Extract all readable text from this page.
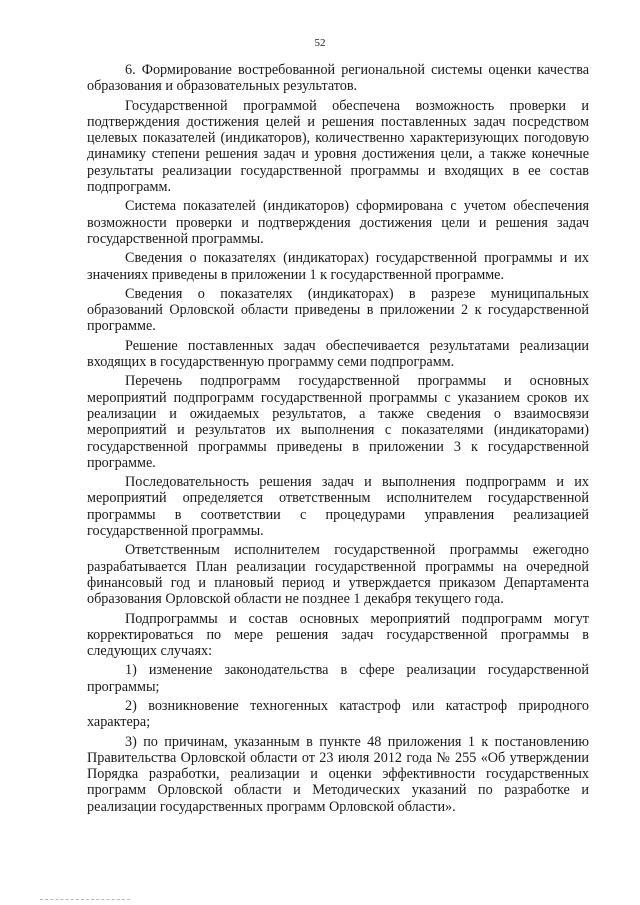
52

6. Формирование востребованной региональной системы оценки качества образования и образовательных результатов.

Государственной программой обеспечена возможность проверки и подтверждения достижения целей и решения поставленных задач посредством целевых показателей (индикаторов), количественно характеризующих погодовую динамику степени решения задач и уровня достижения цели, а также конечные результаты реализации государственной программы и входящих в ее состав подпрограмм.

Система показателей (индикаторов) сформирована с учетом обеспечения возможности проверки и подтверждения достижения цели и решения задач государственной программы.

Сведения о показателях (индикаторах) государственной программы и их значениях приведены в приложении 1 к государственной программе.

Сведения о показателях (индикаторах) в разрезе муниципальных образований Орловской области приведены в приложении 2 к государственной программе.

Решение поставленных задач обеспечивается результатами реализации входящих в государственную программу семи подпрограмм.

Перечень подпрограмм государственной программы и основных мероприятий подпрограмм государственной программы с указанием сроков их реализации и ожидаемых результатов, а также сведения о взаимосвязи мероприятий и результатов их выполнения с показателями (индикаторами) государственной программы приведены в приложении 3 к государственной программе.

Последовательность решения задач и выполнения подпрограмм и их мероприятий определяется ответственным исполнителем государственной программы в соответствии с процедурами управления реализацией государственной программы.

Ответственным исполнителем государственной программы ежегодно разрабатывается План реализации государственной программы на очередной финансовый год и плановый период и утверждается приказом Департамента образования Орловской области не позднее 1 декабря текущего года.

Подпрограммы и состав основных мероприятий подпрограмм могут корректироваться по мере решения задач государственной программы в следующих случаях:

1) изменение законодательства в сфере реализации государственной программы;

2) возникновение техногенных катастроф или катастроф природного характера;

3) по причинам, указанным в пункте 48 приложения 1 к постановлению Правительства Орловской области от 23 июля 2012 года № 255 «Об утверждении Порядка разработки, реализации и оценки эффективности государственных программ Орловской области и Методических указаний по разработке и реализации государственных программ Орловской области».
